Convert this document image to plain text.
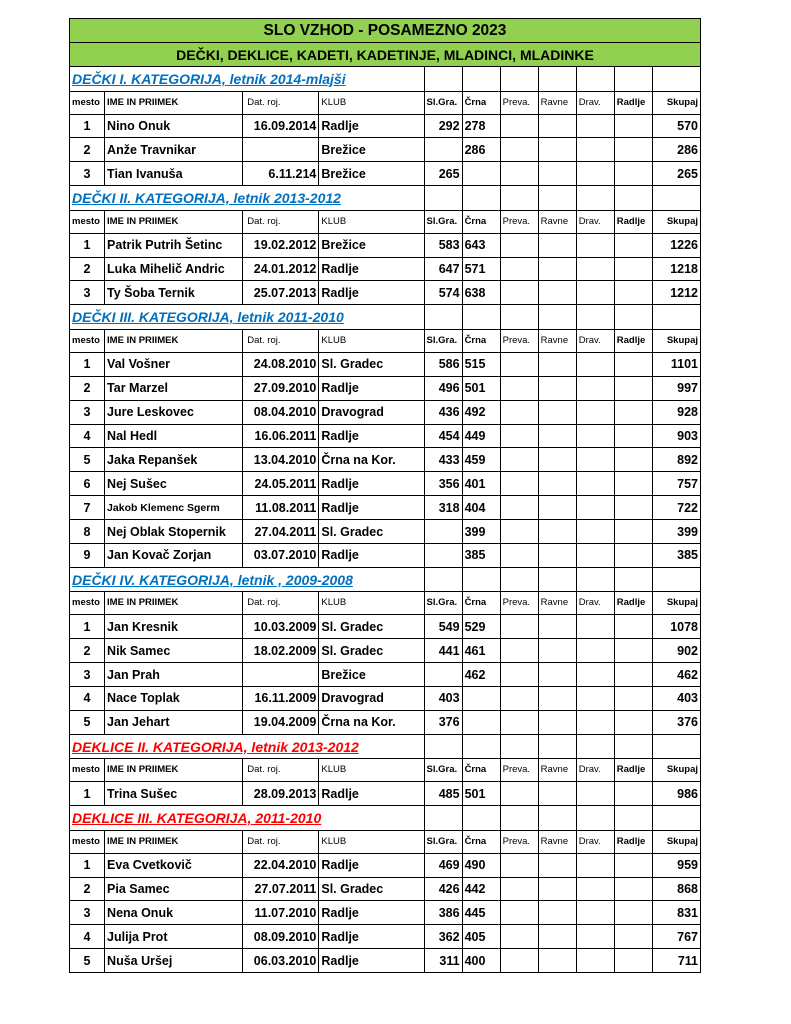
SLO VZHOD - POSAMEZNO 2023										
DEČKI, DEKLICE, KADETI, KADETINJE, MLADINCI, MLADINKE										
DEČKI I. KATEGORIJA, letnik 2014-mlajši										
mesto	IME IN PRIIMEK	Dat. roj.	KLUB	Sl.Gra.	Črna	Preva.	Ravne	Drav.	Radlje	Skupaj
1	Nino Onuk	16.09.2014	Radlje	292	278					570
2	Anže Travnikar		Brežice		286					286
3	Tian Ivanuša	6.11.214	Brežice	265						265
DEČKI II. KATEGORIJA, letnik 2013-2012										
mesto	IME IN PRIIMEK	Dat. roj.	KLUB	Sl.Gra.	Črna	Preva.	Ravne	Drav.	Radlje	Skupaj
1	Patrik Putrih Šetinc	19.02.2012	Brežice	583	643					1226
2	Luka Mihelič Andric	24.01.2012	Radlje	647	571					1218
3	Ty Šoba Ternik	25.07.2013	Radlje	574	638					1212
DEČKI III. KATEGORIJA, letnik 2011-2010										
mesto	IME IN PRIIMEK	Dat. roj.	KLUB	Sl.Gra.	Črna	Preva.	Ravne	Drav.	Radlje	Skupaj
1	Val Vošner	24.08.2010	Sl. Gradec	586	515					1101
2	Tar Marzel	27.09.2010	Radlje	496	501					997
3	Jure Leskovec	08.04.2010	Dravograd	436	492					928
4	Nal Hedl	16.06.2011	Radlje	454	449					903
5	Jaka Repanšek	13.04.2010	Črna na Kor.	433	459					892
6	Nej Sušec	24.05.2011	Radlje	356	401					757
7	Jakob Klemenc Sgerm	11.08.2011	Radlje	318	404					722
8	Nej Oblak Stopernik	27.04.2011	Sl. Gradec		399					399
9	Jan Kovač Zorjan	03.07.2010	Radlje		385					385
DEČKI IV. KATEGORIJA, letnik , 2009-2008										
mesto	IME IN PRIIMEK	Dat. roj.	KLUB	Sl.Gra.	Črna	Preva.	Ravne	Drav.	Radlje	Skupaj
1	Jan Kresnik	10.03.2009	Sl. Gradec	549	529					1078
2	Nik Samec	18.02.2009	Sl. Gradec	441	461					902
3	Jan Prah		Brežice		462					462
4	Nace Toplak	16.11.2009	Dravograd	403						403
5	Jan Jehart	19.04.2009	Črna na Kor.	376						376
DEKLICE II. KATEGORIJA, letnik 2013-2012										
mesto	IME IN PRIIMEK	Dat. roj.	KLUB	Sl.Gra.	Črna	Preva.	Ravne	Drav.	Radlje	Skupaj
1	Trina Sušec	28.09.2013	Radlje	485	501					986
DEKLICE III. KATEGORIJA, 2011-2010										
mesto	IME IN PRIIMEK	Dat. roj.	KLUB	Sl.Gra.	Črna	Preva.	Ravne	Drav.	Radlje	Skupaj
1	Eva Cvetkovič	22.04.2010	Radlje	469	490					959
2	Pia Samec	27.07.2011	Sl. Gradec	426	442					868
3	Nena Onuk	11.07.2010	Radlje	386	445					831
4	Julija Prot	08.09.2010	Radlje	362	405					767
5	Nuša Uršej	06.03.2010	Radlje	311	400					711
